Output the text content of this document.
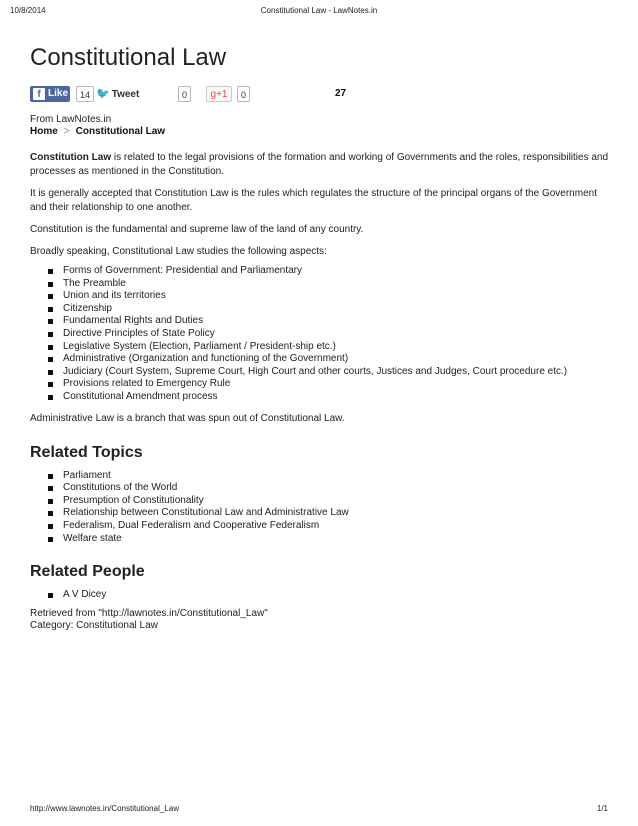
10/8/2014	Constitutional Law - LawNotes.in
Constitutional Law
f Like	14 🐦 Tweet	0	g+1	0	27
From LawNotes.in
Home > Constitutional Law

Constitution Law is related to the legal provisions of the formation and working of Governments and the roles, responsibilities and processes as mentioned in the Constitution.

It is generally accepted that Constitution Law is the rules which regulates the structure of the principal organs of the Government and their relationship to one another.

Constitution is the fundamental and supreme law of the land of any country.

Broadly speaking, Constitutional Law studies the following aspects:

Forms of Government: Presidential and Parliamentary
The Preamble
Union and its territories
Citizenship
Fundamental Rights and Duties
Directive Principles of State Policy
Legislative System (Election, Parliament / President-ship etc.)
Administrative (Organization and functioning of the Government)
Judiciary (Court System, Supreme Court, High Court and other courts, Justices and Judges, Court procedure etc.)
Provisions related to Emergency Rule
Constitutional Amendment process

Administrative Law is a branch that was spun out of Constitutional Law.

Related Topics
Parliament
Constitutions of the World
Presumption of Constitutionality
Relationship between Constitutional Law and Administrative Law
Federalism, Dual Federalism and Cooperative Federalism
Welfare state
Related People
A V Dicey

Retrieved from "http://lawnotes.in/Constitutional_Law"

Category: Constitutional Law

http://www.lawnotes.in/Constitutional_Law	1/1
